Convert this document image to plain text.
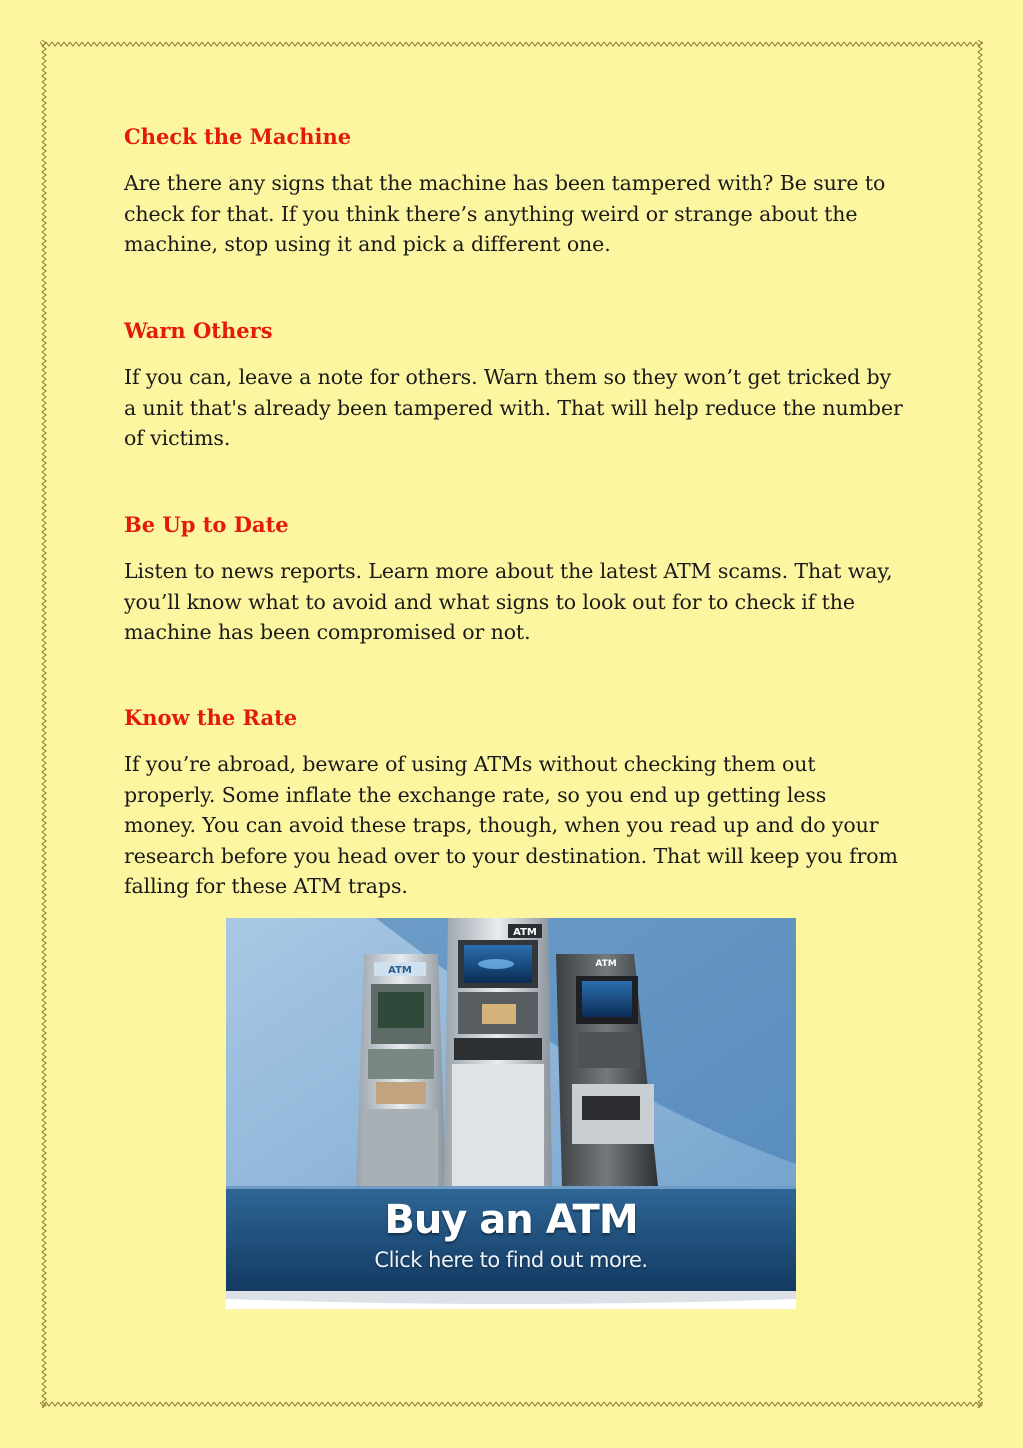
Check the Machine

Are there any signs that the machine has been tampered with? Be sure to check for that. If you think there’s anything weird or strange about the machine, stop using it and pick a different one.

Warn Others

If you can, leave a note for others. Warn them so they won’t get tricked by a unit that's already been tampered with. That will help reduce the number of victims.

Be Up to Date

Listen to news reports. Learn more about the latest ATM scams. That way, you’ll know what to avoid and what signs to look out for to check if the machine has been compromised or not.

Know the Rate

If you’re abroad, beware of using ATMs without checking them out properly. Some inflate the exchange rate, so you end up getting less money. You can avoid these traps, though, when you read up and do your research before you head over to your destination. That will keep you from falling for these ATM traps.

ATM
ATM
ATM
Buy an ATM
Click here to find out more.
